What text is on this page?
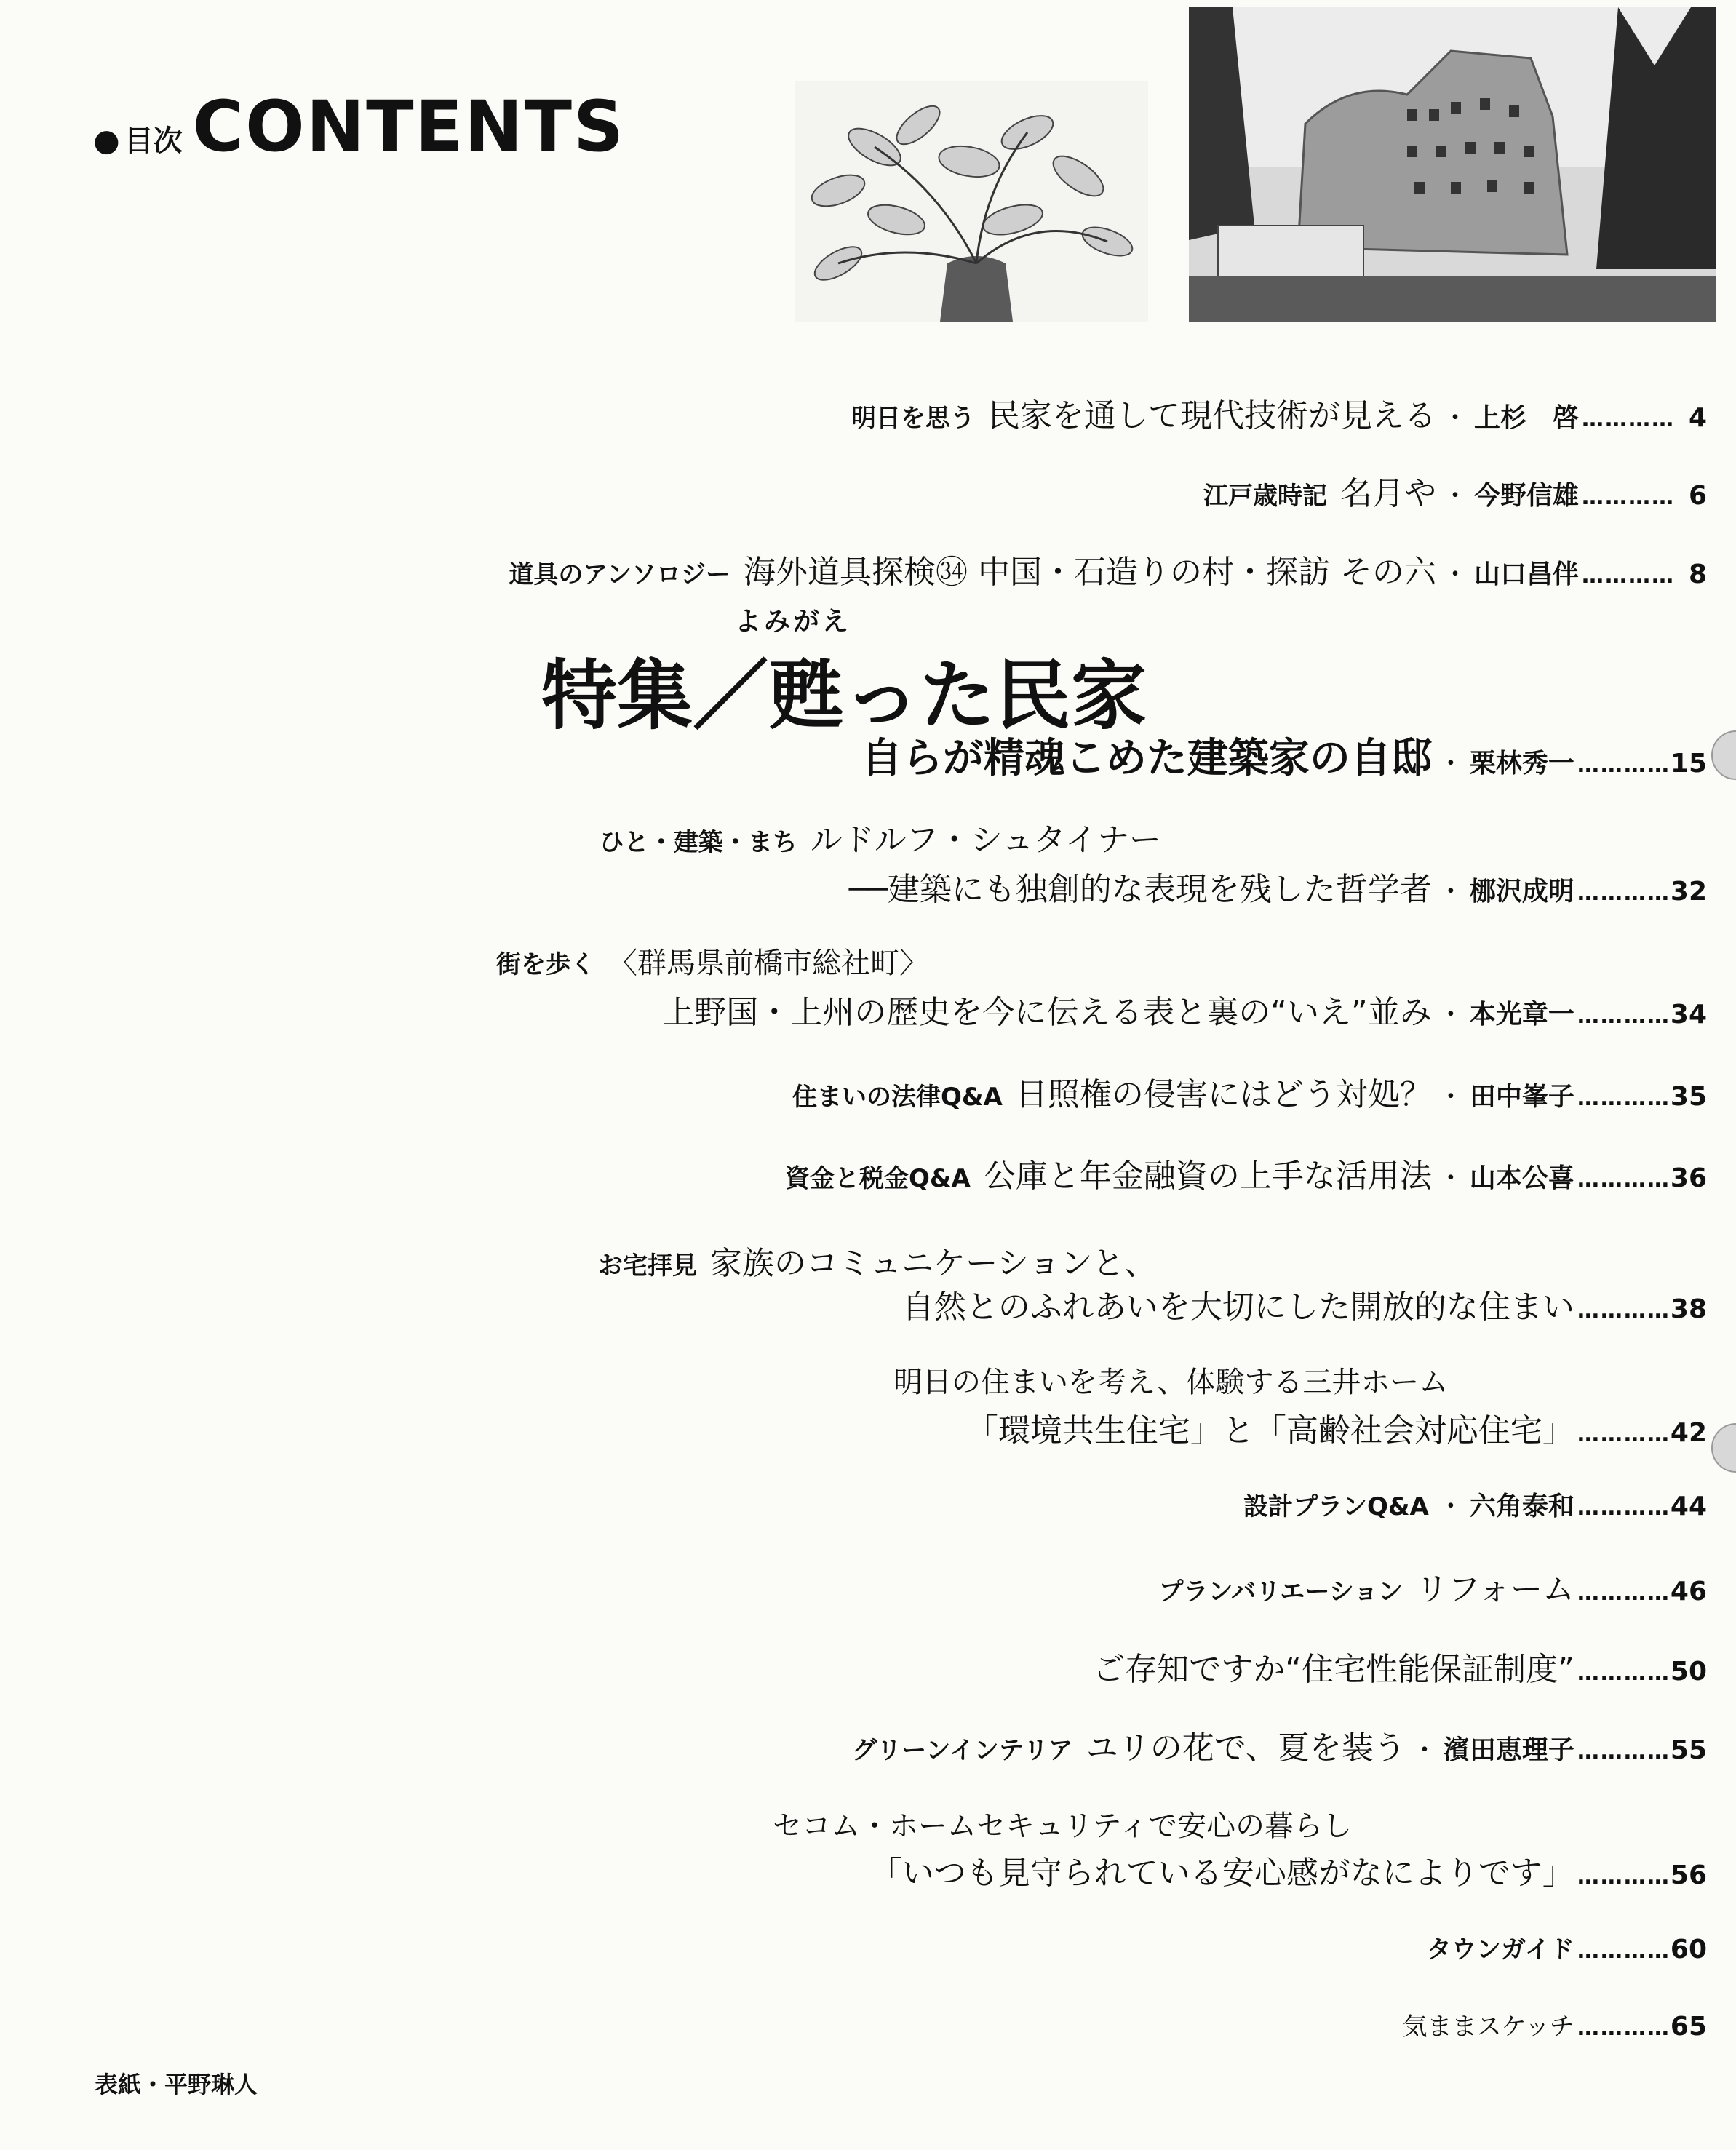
● 目次 CONTENTS
明日を思う 民家を通して現代技術が見える ・ 上杉　啓 ………… 4
江戸歳時記 名月や ・ 今野信雄 ………… 6
道具のアンソロジー 海外道具探検㉞ 中国・石造りの村・探訪 その六 ・ 山口昌伴 ………… 8
よみがえ
特集／甦った民家
自らが精魂こめた建築家の自邸 ・ 栗林秀一 ………… 15
ひと・建築・まち ルドルフ・シュタイナー
──建築にも独創的な表現を残した哲学者 ・ 梛沢成明 ………… 32
街を歩く 〈群馬県前橋市総社町〉
上野国・上州の歴史を今に伝える表と裏の“いえ”並み ・ 本光章一 ………… 34
住まいの法律Q&A 日照権の侵害にはどう対処？ ・ 田中峯子 ………… 35
資金と税金Q&A 公庫と年金融資の上手な活用法 ・ 山本公喜 ………… 36
お宅拝見 家族のコミュニケーションと、
自然とのふれあいを大切にした開放的な住まい ………… 38
明日の住まいを考え、体験する三井ホーム
「環境共生住宅」と「高齢社会対応住宅」 ………… 42
設計プランQ&A ・ 六角泰和 ………… 44
プランバリエーション リフォーム ………… 46
ご存知ですか“住宅性能保証制度” ………… 50
グリーンインテリア ユリの花で、夏を装う ・ 濱田恵理子 ………… 55
セコム・ホームセキュリティで安心の暮らし
「いつも見守られている安心感がなによりです」 ………… 56
タウンガイド ………… 60
気ままスケッチ ………… 65
表紙・平野琳人
